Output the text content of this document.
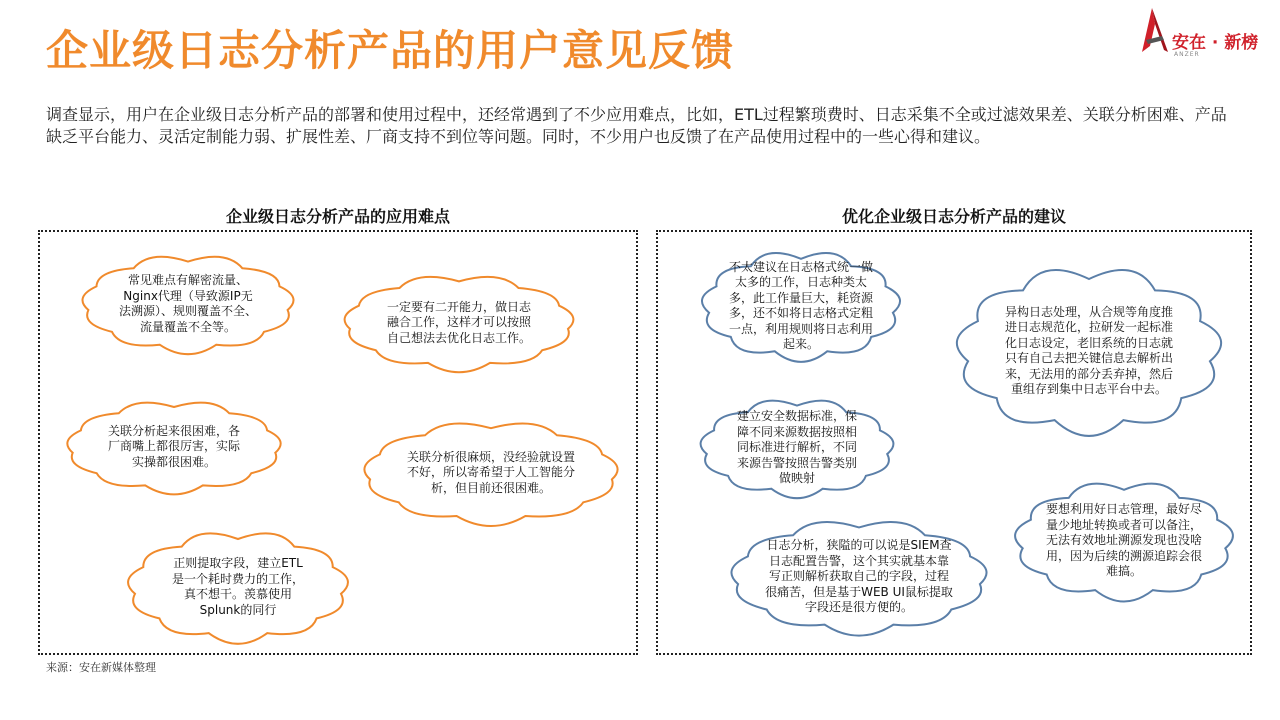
企业级日志分析产品的用户意见反馈	安在 · 新榜
ANZER
调查显示，用户在企业级日志分析产品的部署和使用过程中，还经常遇到了不少应用难点，比如，ETL过程繁琐费时、日志采集不全或过滤效果差、关联分析困难、产品缺乏平台能力、灵活定制能力弱、扩展性差、厂商支持不到位等问题。同时，不少用户也反馈了在产品使用过程中的一些心得和建议。
企业级日志分析产品的应用难点	优化企业级日志分析产品的建议
常见难点有解密流量、Nginx代理（导致源IP无法溯源）、规则覆盖不全、流量覆盖不全等。
一定要有二开能力，做日志融合工作，这样才可以按照自己想法去优化日志工作。
关联分析起来很困难，各厂商嘴上都很厉害，实际实操都很困难。	关联分析很麻烦，没经验就设置不好，所以寄希望于人工智能分析，但目前还很困难。
正则提取字段，建立ETL是一个耗时费力的工作，真不想干。羡慕使用Splunk的同行
不太建议在日志格式统一做太多的工作，日志种类太多，此工作量巨大，耗资源多，还不如将日志格式定粗一点，利用规则将日志利用起来。
异构日志处理，从合规等角度推进日志规范化，拉研发一起标准化日志设定，老旧系统的日志就只有自己去把关键信息去解析出来，无法用的部分丢弃掉，然后重组存到集中日志平台中去。
建立安全数据标准，保障不同来源数据按照相同标准进行解析，不同来源告警按照告警类别做映射
要想利用好日志管理，最好尽量少地址转换或者可以备注，无法有效地址溯源发现也没啥用，因为后续的溯源追踪会很难搞。
日志分析，狭隘的可以说是SIEM查日志配置告警，这个其实就基本靠写正则解析获取自己的字段，过程很痛苦，但是基于WEB UI鼠标提取字段还是很方便的。
来源：安在新媒体整理
